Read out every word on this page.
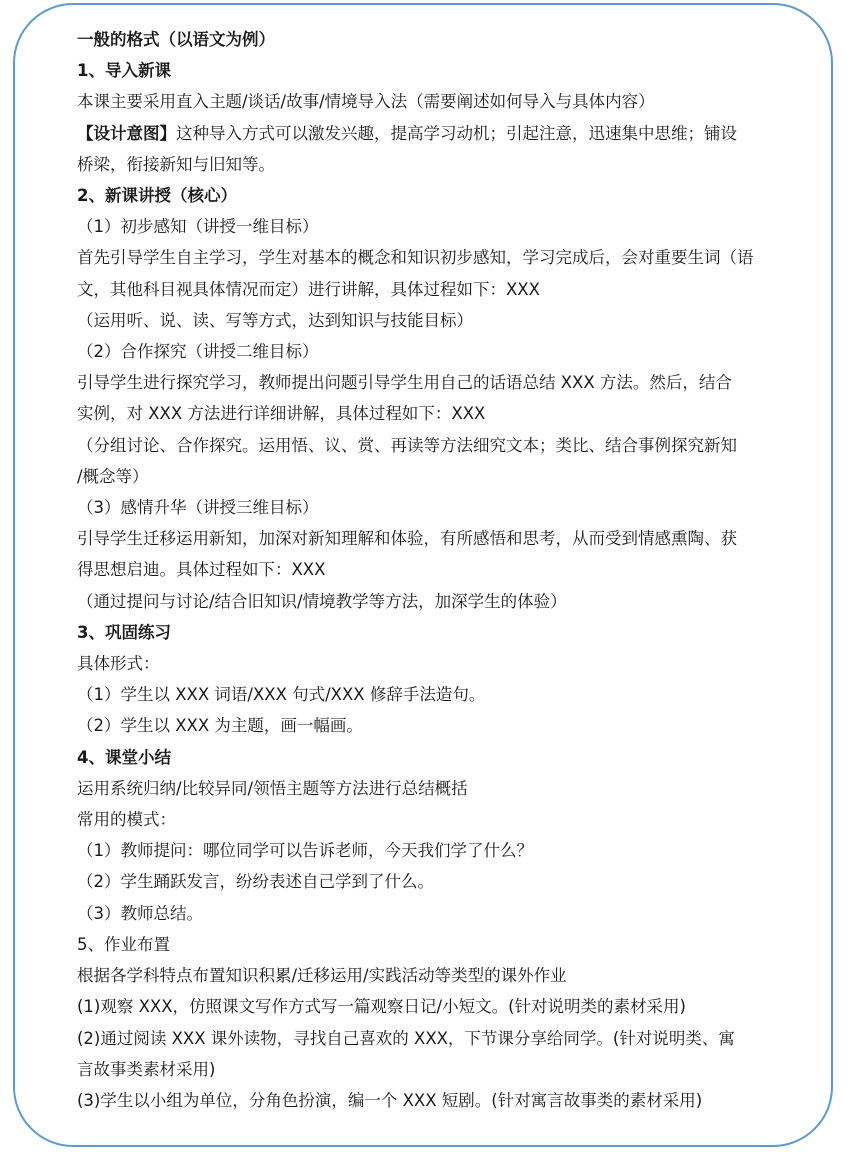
一般的格式（以语文为例）
1、导入新课
本课主要采用直入主题/谈话/故事/情境导入法（需要阐述如何导入与具体内容）
【设计意图】这种导入方式可以激发兴趣，提高学习动机；引起注意，迅速集中思维；铺设
桥梁，衔接新知与旧知等。
2、新课讲授（核心）
（1）初步感知（讲授一维目标）
首先引导学生自主学习，学生对基本的概念和知识初步感知，学习完成后，会对重要生词（语
文，其他科目视具体情况而定）进行讲解，具体过程如下：XXX
（运用听、说、读、写等方式，达到知识与技能目标）
（2）合作探究（讲授二维目标）
引导学生进行探究学习，教师提出问题引导学生用自己的话语总结 XXX 方法。然后，结合
实例，对 XXX 方法进行详细讲解，具体过程如下：XXX
（分组讨论、合作探究。运用悟、议、赏、再读等方法细究文本；类比、结合事例探究新知
/概念等）
（3）感情升华（讲授三维目标）
引导学生迁移运用新知，加深对新知理解和体验，有所感悟和思考，从而受到情感熏陶、获
得思想启迪。具体过程如下：XXX
（通过提问与讨论/结合旧知识/情境教学等方法，加深学生的体验）
3、巩固练习
具体形式：
（1）学生以 XXX 词语/XXX 句式/XXX 修辞手法造句。
（2）学生以 XXX 为主题，画一幅画。
4、课堂小结
运用系统归纳/比较异同/领悟主题等方法进行总结概括
常用的模式：
（1）教师提问：哪位同学可以告诉老师，今天我们学了什么？
（2）学生踊跃发言，纷纷表述自己学到了什么。
（3）教师总结。
5、作业布置
根据各学科特点布置知识积累/迁移运用/实践活动等类型的课外作业
(1)观察 XXX，仿照课文写作方式写一篇观察日记/小短文。(针对说明类的素材采用)
(2)通过阅读 XXX 课外读物，寻找自己喜欢的 XXX，下节课分享给同学。(针对说明类、寓
言故事类素材采用)
(3)学生以小组为单位，分角色扮演，编一个 XXX 短剧。(针对寓言故事类的素材采用)
